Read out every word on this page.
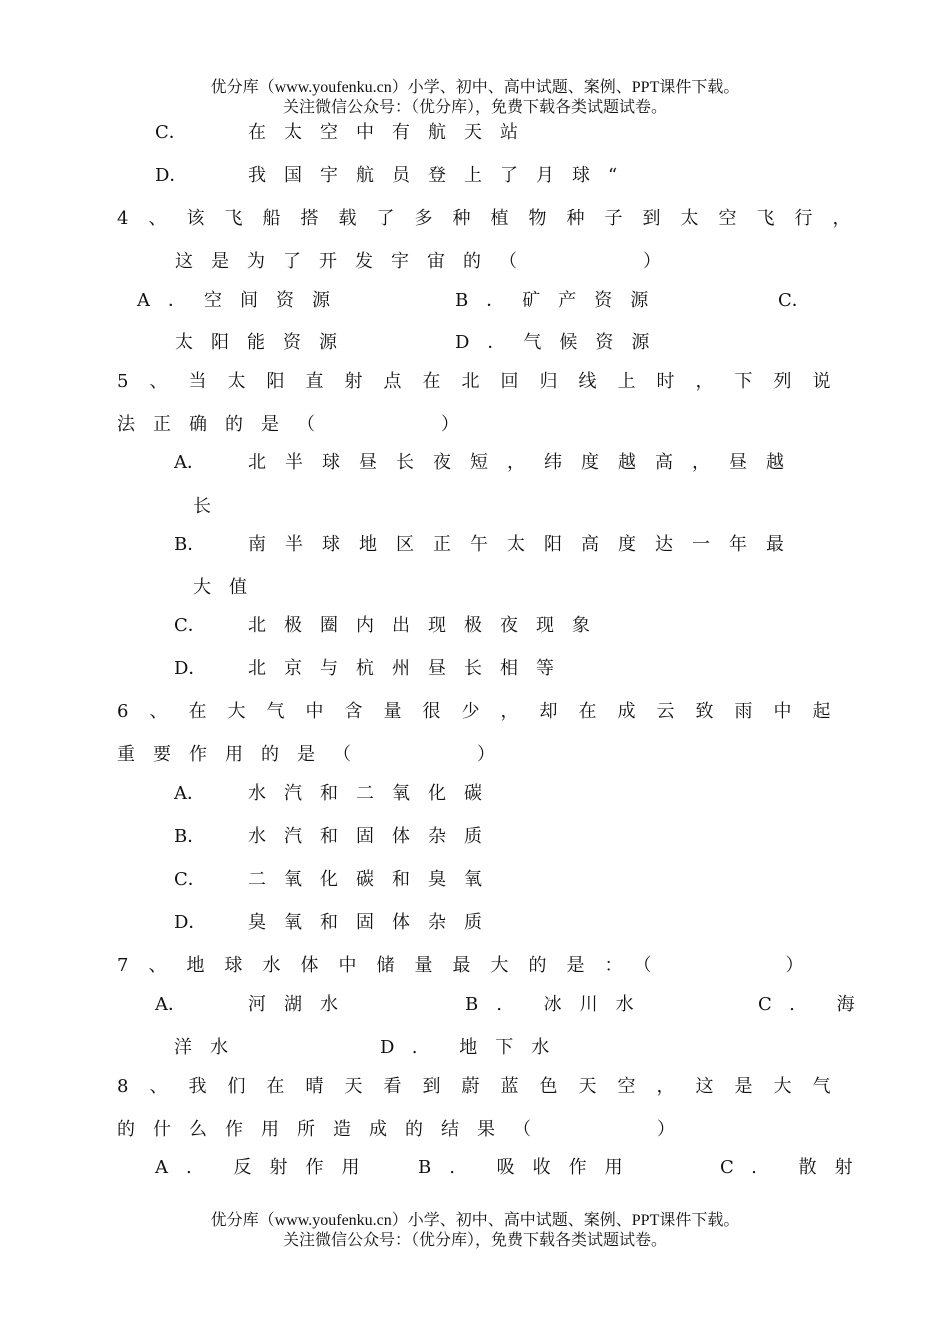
优分库（www.youfenku.cn）小学、初中、高中试题、案例、PPT课件下载。
关注微信公众号：（优分库），免费下载各类试题试卷。
C．	在太空中有航天站
D．	我国宇航员登上了月球“
4、该飞船搭载了多种植物种子到太空飞行，
这是为了开发宇宙的（　　　）
A．空间资源	B．矿产资源	C．
太阳能资源	D．气候资源
5、当太阳直射点在北回归线上时，下列说
法正确的是（　　　）
A． 北半球昼长夜短，纬度越高，昼越
长
B． 南半球地区正午太阳高度达一年最
大值
C． 北极圈内出现极夜现象
D． 北京与杭州昼长相等
6、在大气中含量很少，却在成云致雨中起
重要作用的是（　　　）
A． 水汽和二氧化碳
B． 水汽和固体杂质
C． 二氧化碳和臭氧
D． 臭氧和固体杂质
7、地球水体中储量最大的是：（　　　）
A．	河湖水	B. 冰川水	C. 海
洋水	D. 地下水
8、我们在晴天看到蔚蓝色天空，这是大气
的什么作用所造成的结果（　　　）
A. 反射作用 B. 吸收作用	C. 散射
优分库（www.youfenku.cn）小学、初中、高中试题、案例、PPT课件下载。
关注微信公众号：（优分库），免费下载各类试题试卷。
